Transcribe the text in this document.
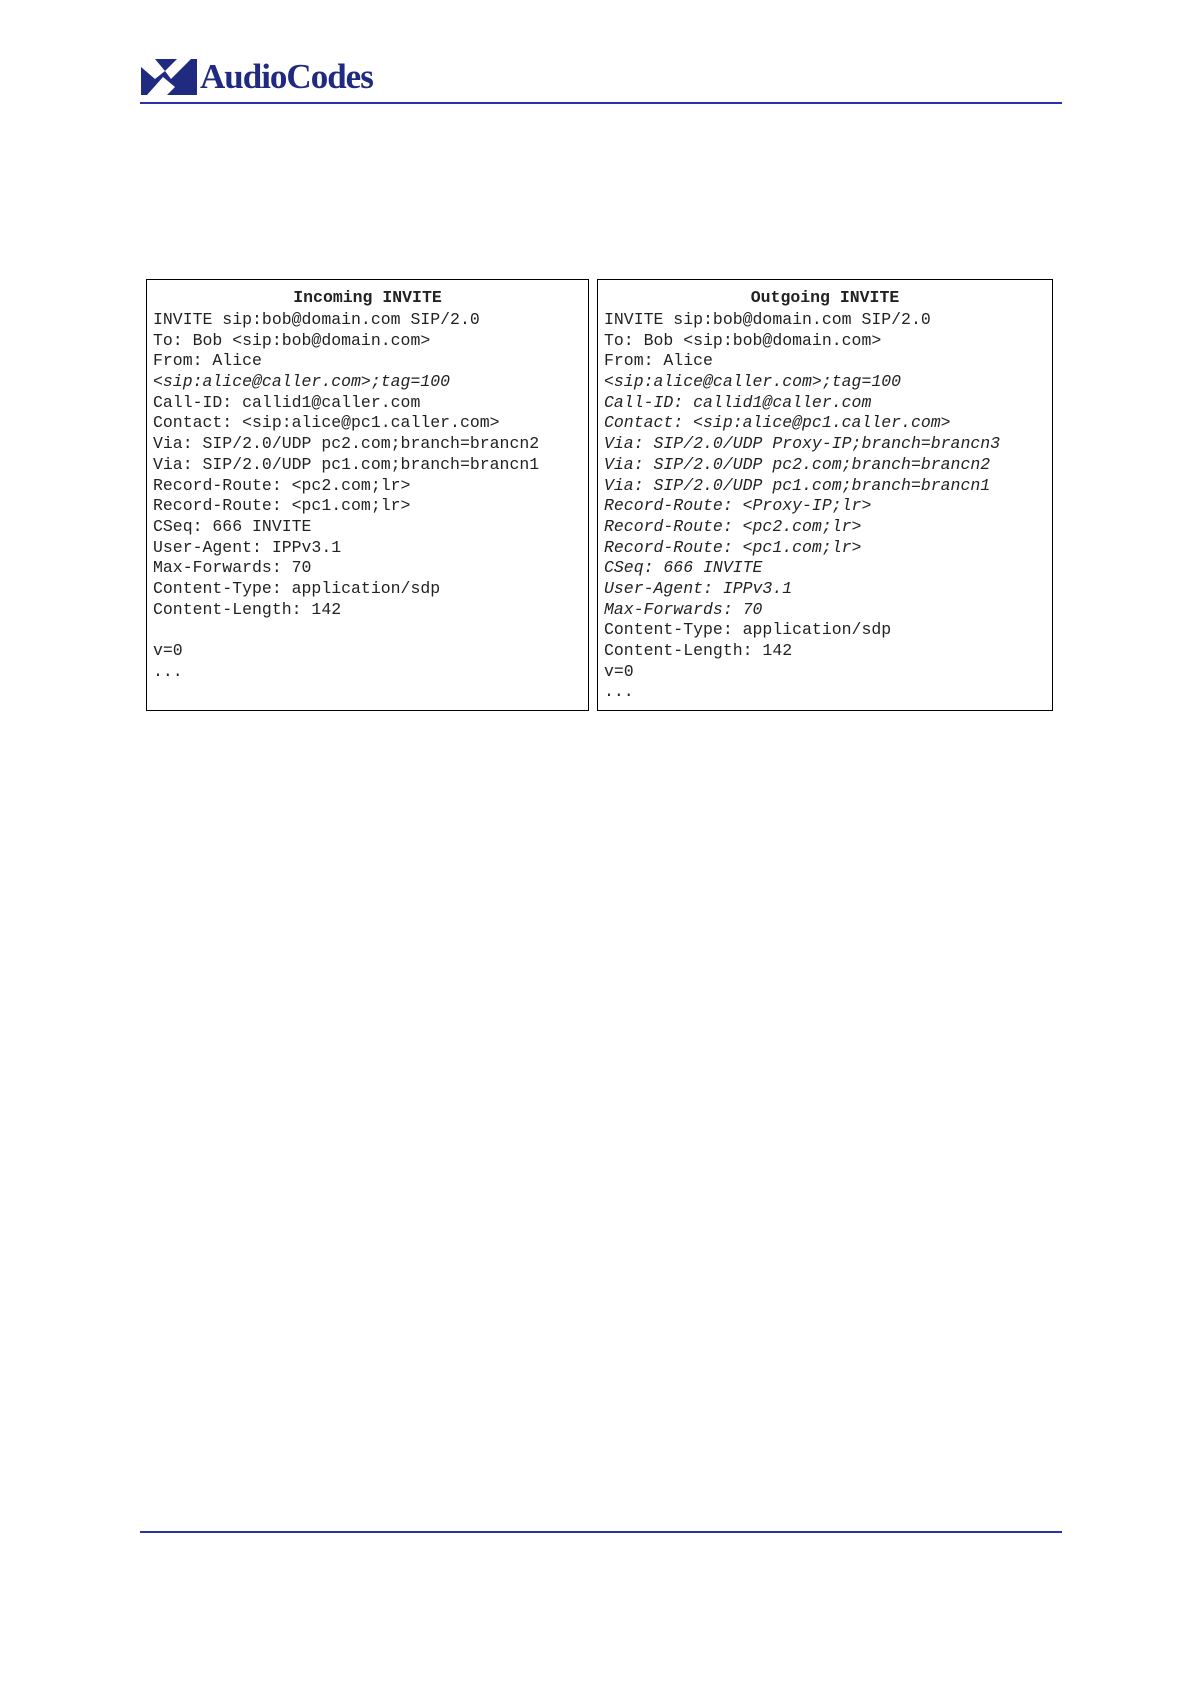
AudioCodes
Incoming INVITE
INVITE sip:bob@domain.com SIP/2.0
To: Bob <sip:bob@domain.com>
From: Alice
<sip:alice@caller.com>;tag=100
Call-ID: callid1@caller.com
Contact: <sip:alice@pc1.caller.com>
Via: SIP/2.0/UDP pc2.com;branch=brancn2
Via: SIP/2.0/UDP pc1.com;branch=brancn1
Record-Route: <pc2.com;lr>
Record-Route: <pc1.com;lr>
CSeq: 666 INVITE
User-Agent: IPPv3.1
Max-Forwards: 70
Content-Type: application/sdp
Content-Length: 142
v=0
...
Outgoing INVITE
INVITE sip:bob@domain.com SIP/2.0
To: Bob <sip:bob@domain.com>
From: Alice
<sip:alice@caller.com>;tag=100
Call-ID: callid1@caller.com
Contact: <sip:alice@pc1.caller.com>
Via: SIP/2.0/UDP Proxy-IP;branch=brancn3
Via: SIP/2.0/UDP pc2.com;branch=brancn2
Via: SIP/2.0/UDP pc1.com;branch=brancn1
Record-Route: <Proxy-IP;lr>
Record-Route: <pc2.com;lr>
Record-Route: <pc1.com;lr>
CSeq: 666 INVITE
User-Agent: IPPv3.1
Max-Forwards: 70
Content-Type: application/sdp
Content-Length: 142
v=0
...
